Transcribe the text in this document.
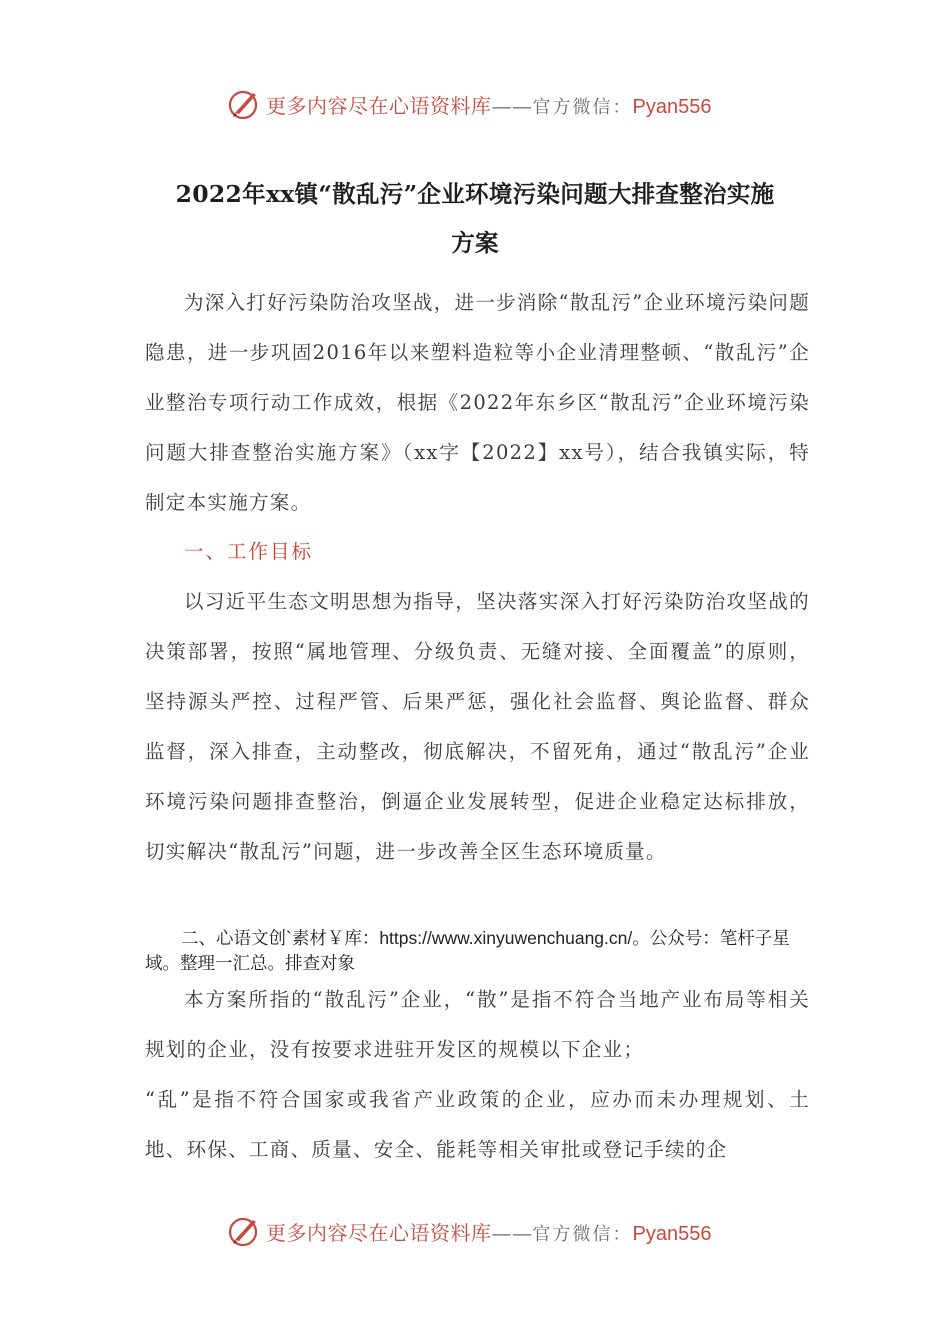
更多内容尽在心语资料库——官方微信：Pyan556
2022年xx镇“散乱污”企业环境污染问题大排查整治实施
方案
为深入打好污染防治攻坚战，进一步消除“散乱污”企业环境污染问题隐患，进一步巩固2016年以来塑料造粒等小企业清理整顿、“散乱污”企业整治专项行动工作成效，根据《2022年东乡区“散乱污”企业环境污染问题大排查整治实施方案》（xx字【2022】xx号），结合我镇实际，特制定本实施方案。
一、工作目标
以习近平生态文明思想为指导，坚决落实深入打好污染防治攻坚战的决策部署，按照“属地管理、分级负责、无缝对接、全面覆盖”的原则，坚持源头严控、过程严管、后果严惩，强化社会监督、舆论监督、群众监督，深入排查，主动整改，彻底解决，不留死角，通过“散乱污”企业环境污染问题排查整治，倒逼企业发展转型，促进企业稳定达标排放，切实解决“散乱污”问题，进一步改善全区生态环境质量。
二、心语文创`素材￥库：https://www.xinyuwenchuang.cn/。公众号：笔杆子星域。整理一汇总。排查对象
本方案所指的“散乱污”企业，“散”是指不符合当地产业布局等相关规划的企业，没有按要求进驻开发区的规模以下企业；
“乱”是指不符合国家或我省产业政策的企业，应办而未办理规划、土地、环保、工商、质量、安全、能耗等相关审批或登记手续的企
更多内容尽在心语资料库——官方微信：Pyan556
